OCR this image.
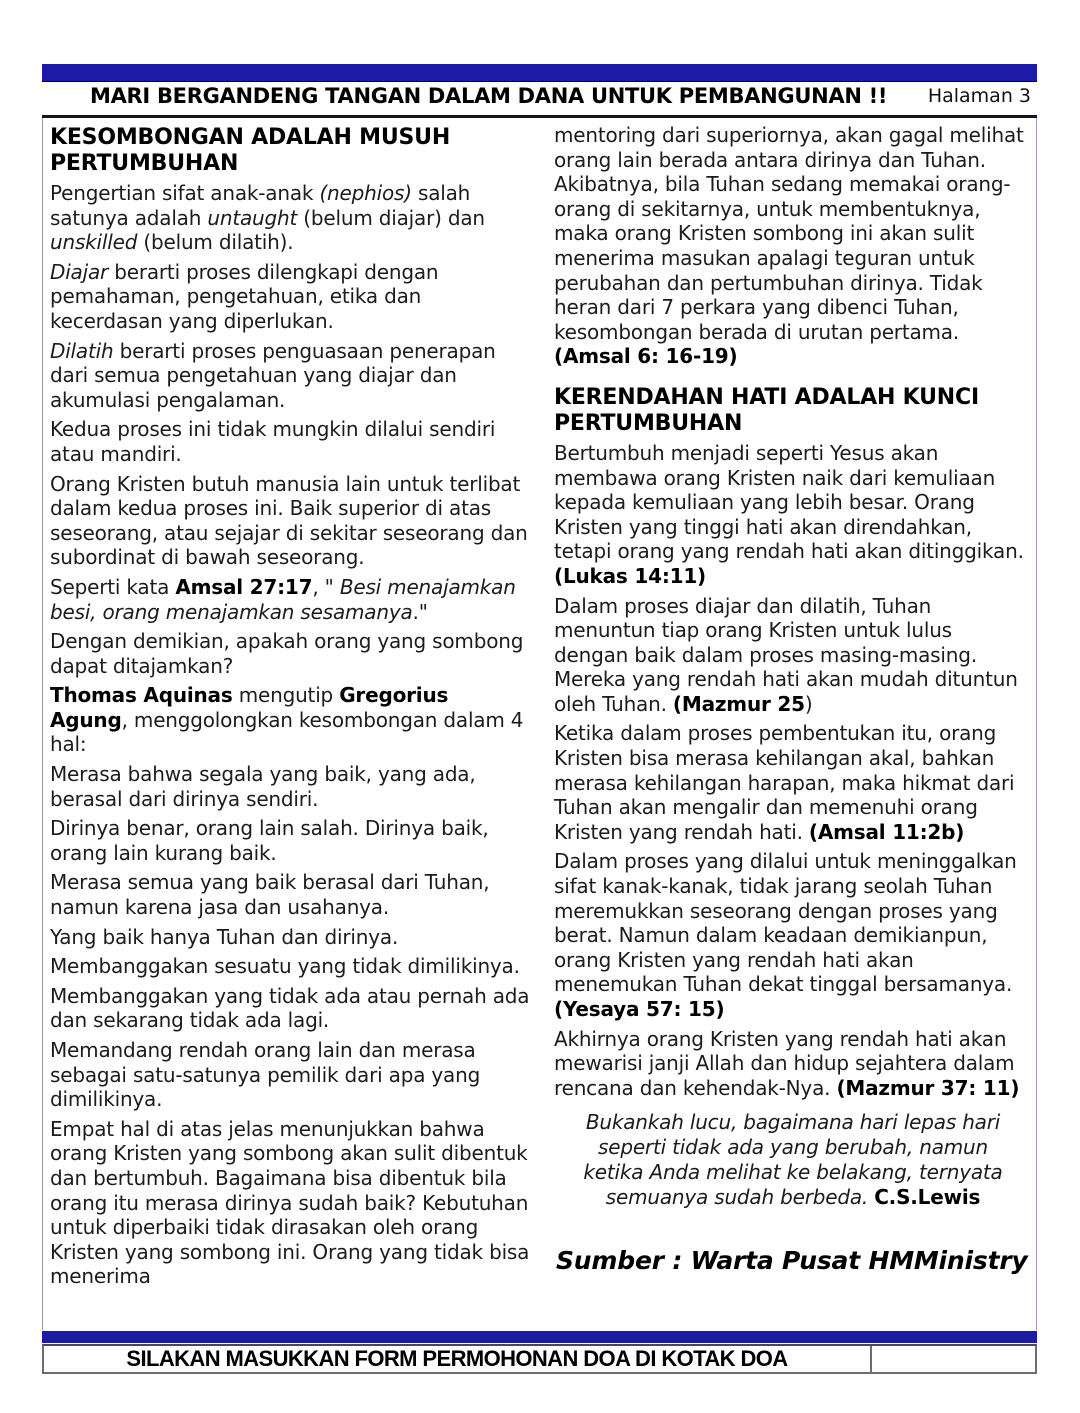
MARI BERGANDENG TANGAN DALAM DANA UNTUK PEMBANGUNAN !! Halaman 3
KESOMBONGAN ADALAH MUSUH PERTUMBUHAN

Pengertian sifat anak-anak (nephios) salah satunya adalah untaught (belum diajar) dan unskilled (belum dilatih).

Diajar berarti proses dilengkapi dengan pemahaman, pengetahuan, etika dan kecerdasan yang diperlukan.

Dilatih berarti proses penguasaan penerapan dari semua pengetahuan yang diajar dan akumulasi pengalaman.

Kedua proses ini tidak mungkin dilalui sendiri atau mandiri.

Orang Kristen butuh manusia lain untuk terlibat dalam kedua proses ini. Baik superior di atas seseorang, atau sejajar di sekitar seseorang dan subordinat di bawah seseorang.

Seperti kata Amsal 27:17, " Besi menajamkan besi, orang menajamkan sesamanya."

Dengan demikian, apakah orang yang sombong dapat ditajamkan?

Thomas Aquinas mengutip Gregorius Agung, menggolongkan kesombongan dalam 4 hal:

Merasa bahwa segala yang baik, yang ada, berasal dari dirinya sendiri.

Dirinya benar, orang lain salah. Dirinya baik, orang lain kurang baik.

Merasa semua yang baik berasal dari Tuhan, namun karena jasa dan usahanya.

Yang baik hanya Tuhan dan dirinya.

Membanggakan sesuatu yang tidak dimilikinya.

Membanggakan yang tidak ada atau pernah ada dan sekarang tidak ada lagi.

Memandang rendah orang lain dan merasa sebagai satu-satunya pemilik dari apa yang dimilikinya.

Empat hal di atas jelas menunjukkan bahwa orang Kristen yang sombong akan sulit dibentuk dan bertumbuh. Bagaimana bisa dibentuk bila orang itu merasa dirinya sudah baik? Kebutuhan untuk diperbaiki tidak dirasakan oleh orang Kristen yang sombong ini. Orang yang tidak bisa menerima

mentoring dari superiornya, akan gagal melihat orang lain berada antara dirinya dan Tuhan. Akibatnya, bila Tuhan sedang memakai orang-orang di sekitarnya, untuk membentuknya, maka orang Kristen sombong ini akan sulit menerima masukan apalagi teguran untuk perubahan dan pertumbuhan dirinya. Tidak heran dari 7 perkara yang dibenci Tuhan, kesombongan berada di urutan pertama. (Amsal 6: 16-19)

KERENDAHAN HATI ADALAH KUNCI PERTUMBUHAN

Bertumbuh menjadi seperti Yesus akan membawa orang Kristen naik dari kemuliaan kepada kemuliaan yang lebih besar. Orang Kristen yang tinggi hati akan direndahkan, tetapi orang yang rendah hati akan ditinggikan. (Lukas 14:11)

Dalam proses diajar dan dilatih, Tuhan menuntun tiap orang Kristen untuk lulus dengan baik dalam proses masing-masing. Mereka yang rendah hati akan mudah dituntun oleh Tuhan. (Mazmur 25)

Ketika dalam proses pembentukan itu, orang Kristen bisa merasa kehilangan akal, bahkan merasa kehilangan harapan, maka hikmat dari Tuhan akan mengalir dan memenuhi orang Kristen yang rendah hati. (Amsal 11:2b)

Dalam proses yang dilalui untuk meninggalkan sifat kanak-kanak, tidak jarang seolah Tuhan meremukkan seseorang dengan proses yang berat. Namun dalam keadaan demikianpun, orang Kristen yang rendah hati akan menemukan Tuhan dekat tinggal bersamanya. (Yesaya 57: 15)

Akhirnya orang Kristen yang rendah hati akan mewarisi janji Allah dan hidup sejahtera dalam rencana dan kehendak-Nya. (Mazmur 37: 11)

Bukankah lucu, bagaimana hari lepas hari seperti tidak ada yang berubah, namun ketika Anda melihat ke belakang, ternyata semuanya sudah berbeda. C.S.Lewis

Sumber : Warta Pusat HMMinistry

SILAKAN MASUKKAN FORM PERMOHONAN DOA DI KOTAK DOA
